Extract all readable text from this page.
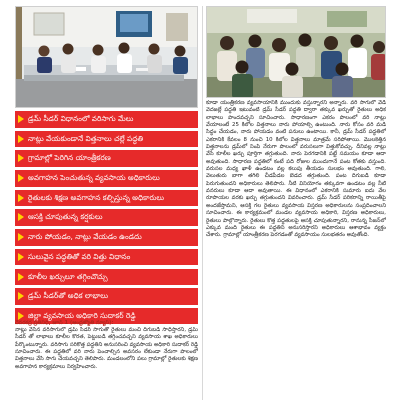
డ్రమ్‌ సీడర్‌ విధానంలో వరిసాగు మేలు
నాట్లు వేయకుండానే విత్తనాలు చల్లే పద్ధతి
గ్రామాల్లో పెరిగిన యాంత్రీకరణ
అవగాహన పెంచుతున్న వ్యవసాయ అధికారులు
రైతులకు శిక్షణ అవగాహన కల్పిస్తున్న అధికారులు
ఆసక్తి చూపుతున్న కర్షకులు
నారు పోయడం, నాట్లు వేయడం ఉండదు
సులువైన పద్ధతితో వరి విత్తు విధానం
కూలీల ఖర్చులూ తగ్గించొచ్చు
డ్రమ్‌ సీడర్‌తో అధిక లాభాలు
జిల్లా వ్యవసాయ అధికారి సుదాకర్‌ రెడ్డి
దేవరకద్ర ప్రతినిధి, జూన్ 1 (ఆంధ్రజ్యోతి న్యూస్):
నాట్లు వేసిన వరిసాగులో డ్రమ్‌ సీడర్‌ సాగుతో రైతులు మంచి దిగుబడి సాధిస్తారని, డ్రమ్‌ సీడర్‌ తో లాభాలు కూలీల కొరత, పెట్టుబడి తగ్గించవచ్చని వ్యవసాయ శాఖ అధికారులు పేర్కొంటున్నారు. వరిసాగు సరికొత్త పద్ధతిని అనుసరించి వ్యవసాయ అధికారి సుదాకర్‌ రెడ్డి సూచించారు. ఈ పద్ధతిలో వరి నారు పెంచాల్సిన అవసరం లేకుండా నేరుగా పొలంలో విత్తనాలు వేసి సాగు చేయవచ్చని తెలిపారు. మండలంలోని పలు గ్రామాల్లో రైతులకు శిక్షణ అవగాహన కార్యక్రమాలు నిర్వహించారు.
కూడా యంత్రీకరణ వ్యవసాయానికి ముందుకు వస్తున్నారని అన్నారు. వరి సాగులో వేడి వెదజల్లే పద్ధతి ఇటువంటి డ్రమ్‌ సీడర్‌ పద్ధతి ద్వారా తక్కువ ఖర్చుతో రైతులు అధిక లాభాలు పొందవచ్చని సూచించారు. సాధారణంగా ఎకరం పొలంలో వరి నాట్లు వేయాలంటే 25 కిలోల విత్తనాలు నారు పోయాల్సి ఉంటుంది. నారు కోసం వరి మడి సిద్ధం చేయడం, నారు పోయడం వంటి పనులు ఉంటాయి. కానీ, డ్రమ్‌ సీడర్‌ పద్ధతిలో ఎకరానికి కేవలం 8 నుంచి 10 కిలోల విత్తనాలు మాత్రమే సరిపోతాయి. మొలకెత్తిన విత్తనాలను డ్రమ్‌లో నింపి నేరుగా పొలంలో వరుసలుగా విత్తుకోవచ్చు. దీనివల్ల నాట్లు వేసే కూలీల ఖర్చు పూర్తిగా తగ్గుతుంది. నారు పెరగడానికి పట్టే సమయం కూడా ఆదా అవుతుంది. సాధారణ పద్ధతిలో కంటే పది రోజుల ముందుగానే పంట కోతకు వస్తుంది. వరుసల మధ్య ఖాళీ ఉండటం వల్ల కలుపు తీయడం సులభం అవుతుంది. గాలి, వెలుతురు బాగా తగిలి చీడపీడల బెడద తగ్గుతుంది. పంట దిగుబడి కూడా పెరుగుతుందని అధికారులు తెలిపారు. నీటి వినియోగం తక్కువగా ఉండటం వల్ల నీటి వనరులు కూడా ఆదా అవుతాయి. ఈ విధానంలో ఎకరానికి సుమారు ఐదు వేల రూపాయల వరకు ఖర్చు తగ్గుతుందని వివరించారు. డ్రమ్‌ సీడర్‌ పరికరాన్ని రాయితీపై అందజేస్తామని, ఆసక్తి గల రైతులు వ్యవసాయ విస్తరణ అధికారులను సంప్రదించాలని సూచించారు. ఈ కార్యక్రమంలో మండల వ్యవసాయ అధికారి, విస్తరణ అధికారులు, రైతులు పాల్గొన్నారు. రైతులు కొత్త పద్ధతులపై ఆసక్తి చూపుతున్నారని, రానున్న సీజన్‌లో ఎక్కువ మంది రైతులు ఈ పద్ధతిని అనుసరిస్తారని అధికారులు ఆశాభావం వ్యక్తం చేశారు. గ్రామాల్లో యాంత్రీకరణ పెరగడంతో వ్యవసాయం సులభతరం అవుతోంది.
